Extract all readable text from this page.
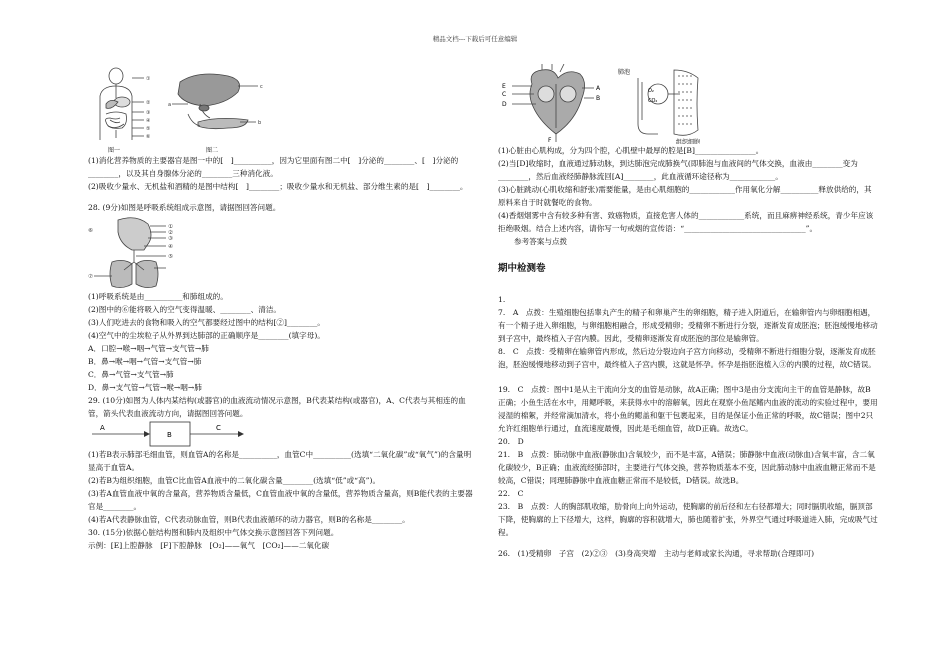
精品文档---下载后可任意编辑
①
②
③
④
⑤
⑥
图一
a
c
b
图二

(1)消化营养物质的主要器官是图一中的[　]__________，因为它里面有图二中[　]分泌的________、[　]分泌的________，以及其自身腺体分泌的________三种消化液。

(2)吸收少量水、无机盐和酒精的是图中结构[　]________；吸收少量水和无机盐、部分维生素的是[　]________。

28. (9分)如图是呼吸系统组成示意图，请据图回答问题。

①
②
③
④
⑤
⑥
⑦

(1)呼吸系统是由__________和肺组成的。

(2)图中的⑥能将吸入的空气变得温暖、________、清洁。

(3)人们吃进去的食物和吸入的空气都要经过图中的结构[②]________。

(4)空气中的尘埃粒子从外界到达肺部的正确顺序是________(填字母)。

A．口腔→喉→咽→气管→支气管→肺

B．鼻→喉→咽→气管→支气管→肺

C．鼻→气管→支气管→肺

D．鼻→支气管→气管→喉→咽→肺

29. (10分)如图为人体内某结构(或器官)的血液流动情况示意图，B代表某结构(或器官)，A、C代表与其相连的血管，箭头代表血液流动方向，请据图回答问题。

A
B
C

(1)若B表示肺部毛细血管，则血管A的名称是__________，血管C中__________(选填“二氧化碳”或“氧气”)的含量明显高于血管A。

(2)若B为组织细胞，血管C比血管A血液中的二氧化碳含量________(选填“低”或“高”)。

(3)若A血管血液中氧的含量高，营养物质含量低，C血管血液中氧的含量低，营养物质含量高，则B能代表的主要器官是________。

(4)若A代表静脉血管，C代表动脉血管，则B代表血液循环的动力器官，则B的名称是________。

30. (15分)依据心脏结构图和肺内及组织中气体交换示意图回答下列问题。

示例：[E]上腔静脉　[F]下腔静脉　[O₂]——氧气　[CO₂]——二氧化碳

E
C
D
A
B
F
肺泡
O₂
CO₂
组织细胞

(1)心脏由心肌构成，分为四个腔，心肌壁中最厚的腔是[B]________________。

(2)当[D]收缩时，血液通过肺动脉，到达肺泡完成肺换气(即肺泡与血液间的气体交换，血液由________变为________，然后血液经肺静脉流回[A]________，此血液循环途径称为____________。

(3)心脏跳动(心肌收缩和舒张)需要能量，是由心肌细胞的____________作用氧化分解__________释放供给的，其原料来自于时就餐吃的食物。

(4)香烟烟雾中含有较多种有害、致癌物质，直接危害人体的____________系统，而且麻痹神经系统，青少年应该拒绝吸烟。结合上述内容，请你写一句戒烟的宣传语：“________________________________”。

参考答案与点拨

期中检测卷

1.

7.　A　点拨：生殖细胞包括睾丸产生的精子和卵巢产生的卵细胞，精子进入阴道后，在输卵管内与卵细胞相遇，有一个精子进入卵细胞，与卵细胞相融合，形成受精卵；受精卵不断进行分裂，逐渐发育成胚泡；胚泡缓慢地移动到子宫中，最终植入子宫内膜。因此，受精卵逐渐发育成胚泡的部位是输卵管。

8.　C　点拨：受精卵在输卵管内形成，然后边分裂边向子宫方向移动，受精卵不断进行细胞分裂，逐渐发育成胚泡，胚泡缓慢地移动到子宫中，最终植入子宫内膜，这就是怀孕。怀孕是指胚泡植入③的内膜的过程，故C错误。

19.　C　点拨：图中1是从主干流向分支的血管是动脉，故A正确；图中3是由分支流向主干的血管是静脉，故B正确；小鱼生活在水中，用鳃呼吸，来获得水中的溶解氧，因此在观察小鱼尾鳍内血液的流动的实验过程中，要用浸湿的棉絮，并经常滴加清水，将小鱼的鳃盖和躯干包裹起来，目的是保证小鱼正常的呼吸，故C错误；图中2只允许红细胞单行通过，血流速度最慢，因此是毛细血管，故D正确。故选C。

20.　D

21.　B　点拨：肺动脉中血液(静脉血)含氧较少，而不是丰富，A错误；肺静脉中血液(动脉血)含氧丰富，含二氧化碳较少，B正确；血液流经肺部时，主要进行气体交换，营养物质基本不变，因此肺动脉中血液血糖正常而不是较高，C错误；同理肺静脉中血液血糖正常而不是较低，D错误。故选B。

22.　C

23.　B　点拨：人的胸部肌收缩，肋骨向上向外运动，使胸廓的前后径和左右径都增大；同时膈肌收缩，膈顶部下降，使胸廓的上下径增大，这样，胸廓的容积就增大，肺也随着扩张，外界空气通过呼吸道进入肺，完成吸气过程。

26.　(1)受精卵　子宫　(2)②③　(3)身高突增　主动与老师或家长沟通，寻求帮助(合理即可)
